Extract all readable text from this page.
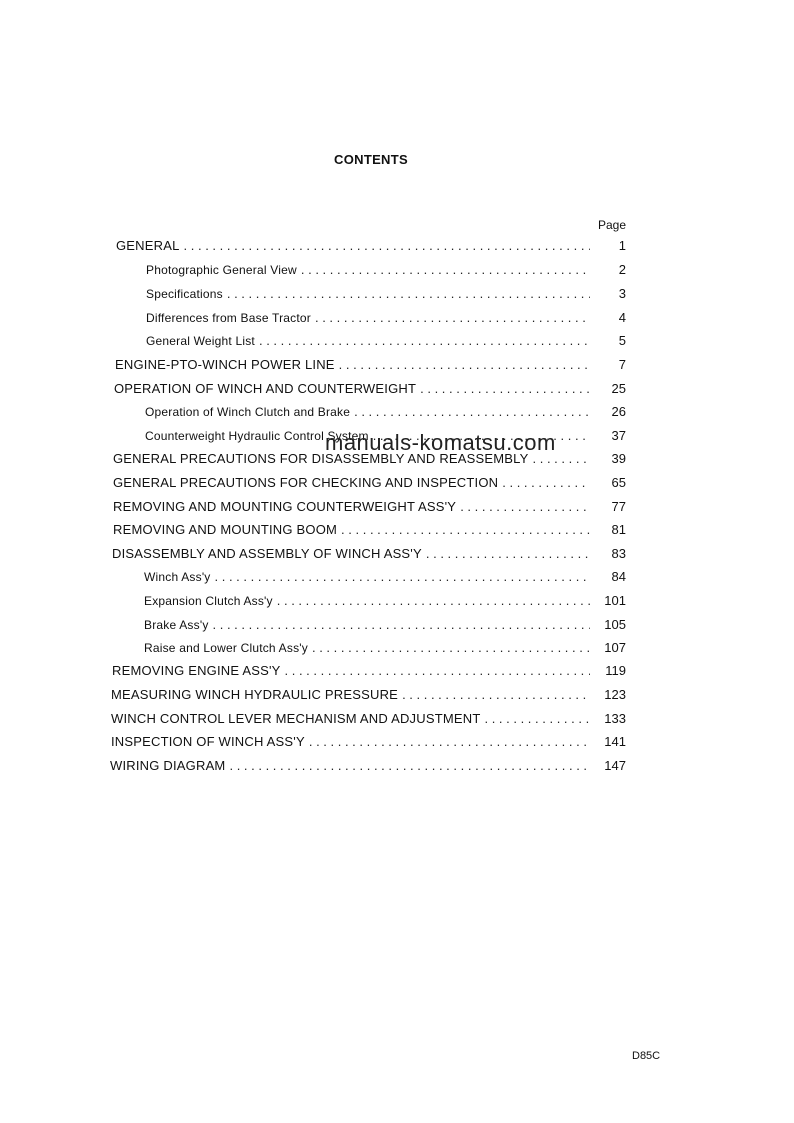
CONTENTS
Page
GENERAL . . .	1
Photographic General View . . .	2
Specifications . . .	3
Differences from Base Tractor . . .	4
General Weight List . . .	5
ENGINE-PTO-WINCH POWER LINE . . .	7
OPERATION OF WINCH AND COUNTERWEIGHT . . .	25
Operation of Winch Clutch and Brake . . .	26
Counterweight Hydraulic Control System . . .	37
GENERAL PRECAUTIONS FOR DISASSEMBLY AND REASSEMBLY . . .	39
GENERAL PRECAUTIONS FOR CHECKING AND INSPECTION . . .	65
REMOVING AND MOUNTING COUNTERWEIGHT ASS'Y . . .	77
REMOVING AND MOUNTING BOOM . . .	81
DISASSEMBLY AND ASSEMBLY OF WINCH ASS'Y . . .	83
Winch Ass'y . . .	84
Expansion Clutch Ass'y . . .	101
Brake Ass'y . . .	105
Raise and Lower Clutch Ass'y . . .	107
REMOVING ENGINE ASS'Y . . .	119
MEASURING WINCH HYDRAULIC PRESSURE . . .	123
WINCH CONTROL LEVER MECHANISM AND ADJUSTMENT . . .	133
INSPECTION OF WINCH ASS'Y . . .	141
WIRING DIAGRAM . . .	147
manuals-komatsu.com
D85C
